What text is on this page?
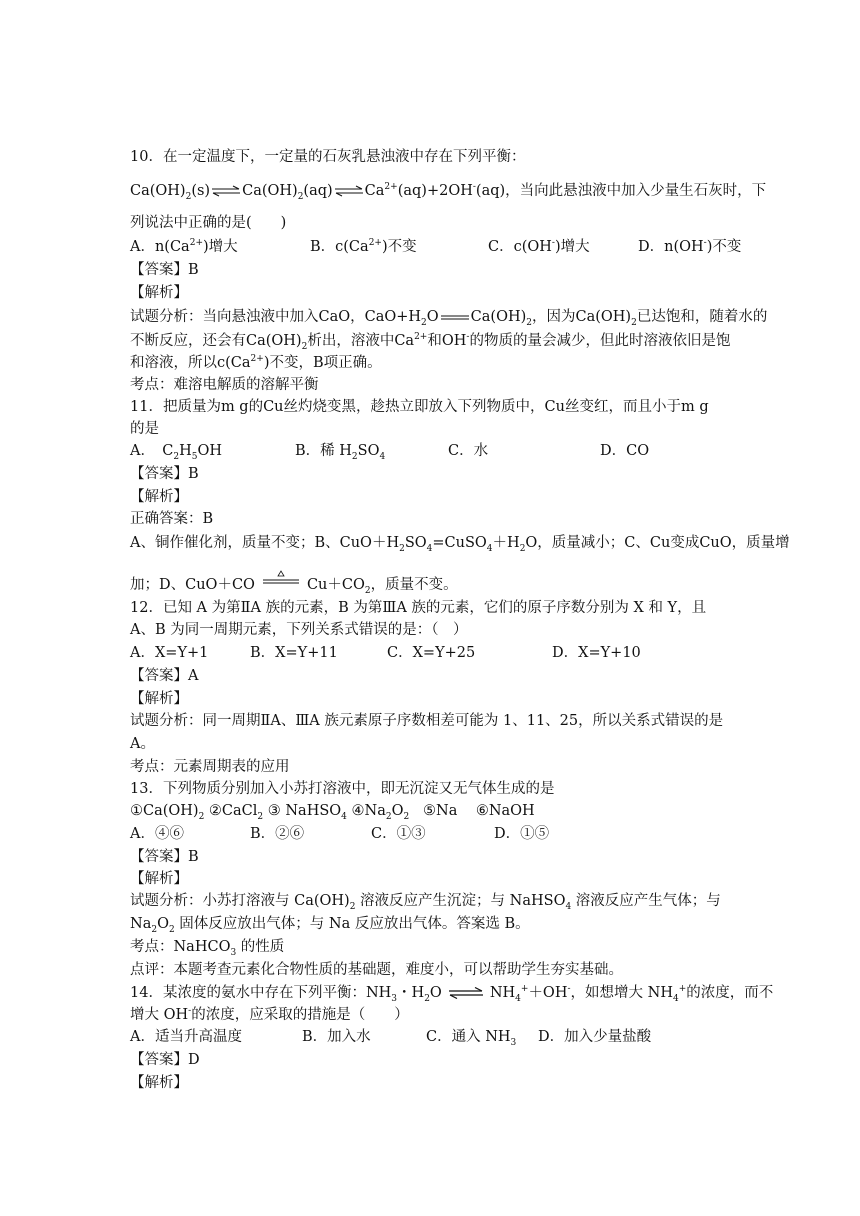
10．在一定温度下，一定量的石灰乳悬浊液中存在下列平衡：
$Ca(OH)_2(s)\rightleftharpoons Ca(OH)_2(aq)\rightleftharpoons Ca^{2+}(aq)+2OH^-(aq)$，当向此悬浊液中加入少量生石灰时，下
列说法中正确的是(　　)
A．$n(Ca^{2+})$增大	B．$c(Ca^{2+})$不变	C．c(OH-)增大	D．n(OH-)不变
【答案】B
【解析】
试题分析：当向悬浊液中加入CaO，$CaO+H_2O$ $Ca(OH)_2$，因为$Ca(OH)_2$已达饱和，随着水的
不断反应，还会有$Ca(OH)_2$析出，溶液中$Ca^{2+}$和OH-的物质的量会减少，但此时溶液依旧是饱
和溶液，所以$c(Ca^{2+})$不变，B项正确。
考点：难溶电解质的溶解平衡
11．把质量为m g的Cu丝灼烧变黑，趁热立即放入下列物质中，Cu丝变红，而且小于m g
的是
A．　$C_2H_5OH$	B．稀 $H_2SO_4$	C．水	D．CO
【答案】B
【解析】
正确答案：B
A、铜作催化剂，质量不变；B、$CuO+H_2SO_4=CuSO_4+H_2O$，质量减小；C、Cu变成CuO，质量增
加；D、CuO＋CO	$Cu+CO_2$，质量不变。
12．已知 A 为第ⅡA 族的元素，B 为第ⅢA 族的元素，它们的原子序数分别为 X 和 Y，且
A、B 为同一周期元素，下列关系式错误的是：（　）
A．X=Y+1	B．X=Y+11	C．X=Y+25	D．X=Y+10
【答案】A
【解析】
试题分析：同一周期ⅡA、ⅢA 族元素原子序数相差可能为 1、11、25，所以关系式错误的是
A。
考点：元素周期表的应用
13．下列物质分别加入小苏打溶液中，即无沉淀又无气体生成的是
$①Ca(OH)_2$ ②CaCl$_2$ ③ NaHSO$_4$ $④Na_2O_2$   ⑤Na    ⑥NaOH
A．④⑥	B．②⑥	C．①③	D．①⑤
【答案】B
【解析】
试题分析：小苏打溶液与 $Ca(OH)_2$ 溶液反应产生沉淀；与 NaHSO$_4$ 溶液反应产生气体；与
$Na_2O_2$ 固体反应放出气体；与 Na 反应放出气体。答案选 B。
考点：NaHCO$_3$ 的性质
点评：本题考查元素化合物性质的基础题，难度小，可以帮助学生夯实基础。
14．某浓度的氨水中存在下列平衡：$NH_3$・$H_2O$ ⇌ $NH_4^++OH^-$，如想增大 $NH_4^+$的浓度，而不
增大 OH-的浓度，应采取的措施是（　　）
A．适当升高温度	B．加入水	C．通入 $NH_3$ D．加入少量盐酸
【答案】D
【解析】
